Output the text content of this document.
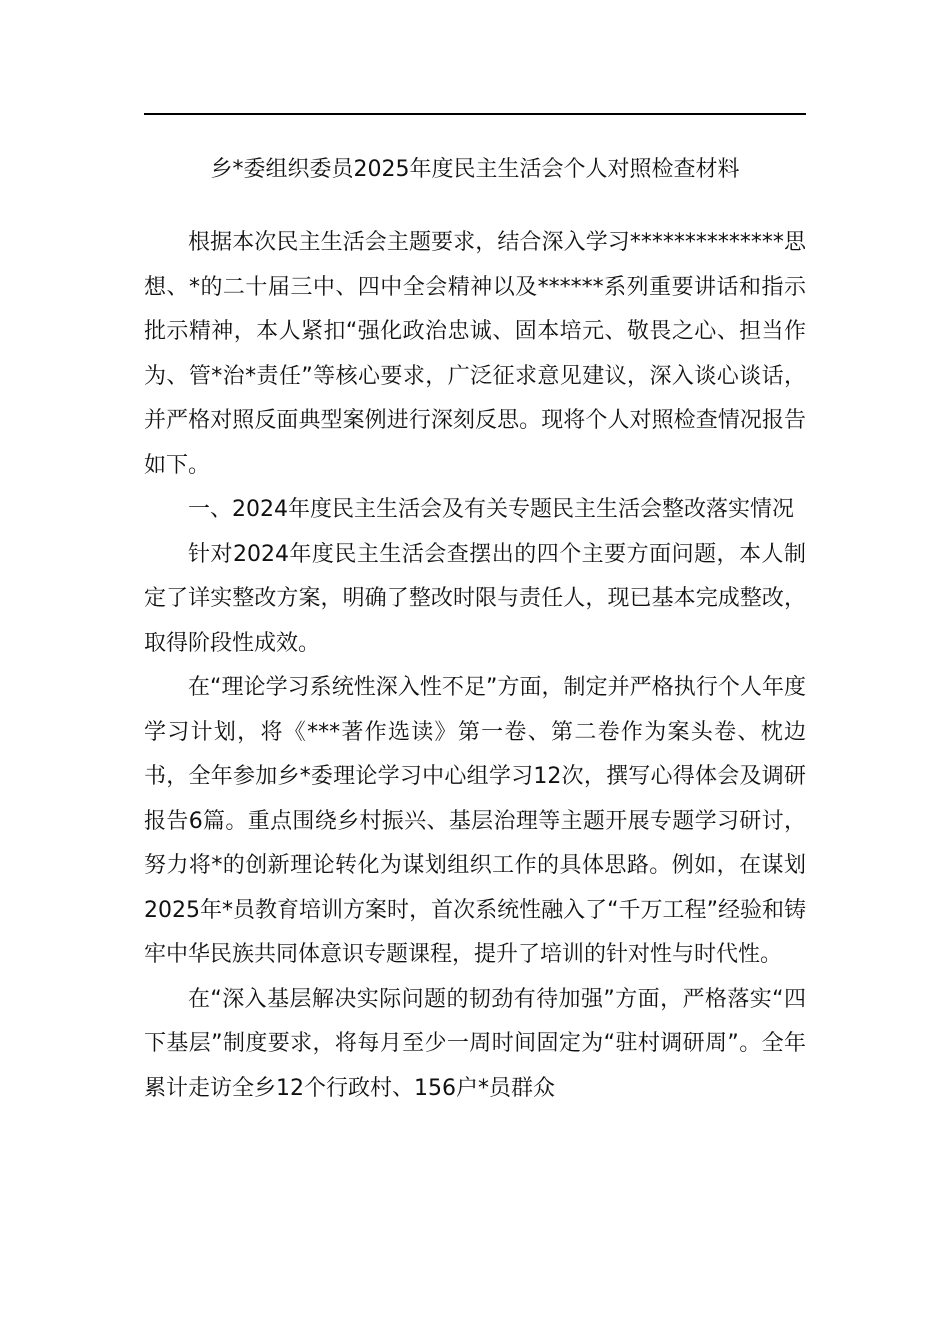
乡*委组织委员2025年度民主生活会个人对照检查材料

根据本次民主生活会主题要求，结合深入学习**************思想、*的二十届三中、四中全会精神以及******系列重要讲话和指示批示精神，本人紧扣“强化政治忠诚、固本培元、敬畏之心、担当作为、管*治*责任”等核心要求，广泛征求意见建议，深入谈心谈话，并严格对照反面典型案例进行深刻反思。现将个人对照检查情况报告如下。

一、2024年度民主生活会及有关专题民主生活会整改落实情况

针对2024年度民主生活会查摆出的四个主要方面问题，本人制定了详实整改方案，明确了整改时限与责任人，现已基本完成整改，取得阶段性成效。

在“理论学习系统性深入性不足”方面，制定并严格执行个人年度学习计划，将《***著作选读》第一卷、第二卷作为案头卷、枕边书，全年参加乡*委理论学习中心组学习12次，撰写心得体会及调研报告6篇。重点围绕乡村振兴、基层治理等主题开展专题学习研讨，努力将*的创新理论转化为谋划组织工作的具体思路。例如，在谋划2025年*员教育培训方案时，首次系统性融入了“千万工程”经验和铸牢中华民族共同体意识专题课程，提升了培训的针对性与时代性。

在“深入基层解决实际问题的韧劲有待加强”方面，严格落实“四下基层”制度要求，将每月至少一周时间固定为“驻村调研周”。全年累计走访全乡12个行政村、156户*员群众
